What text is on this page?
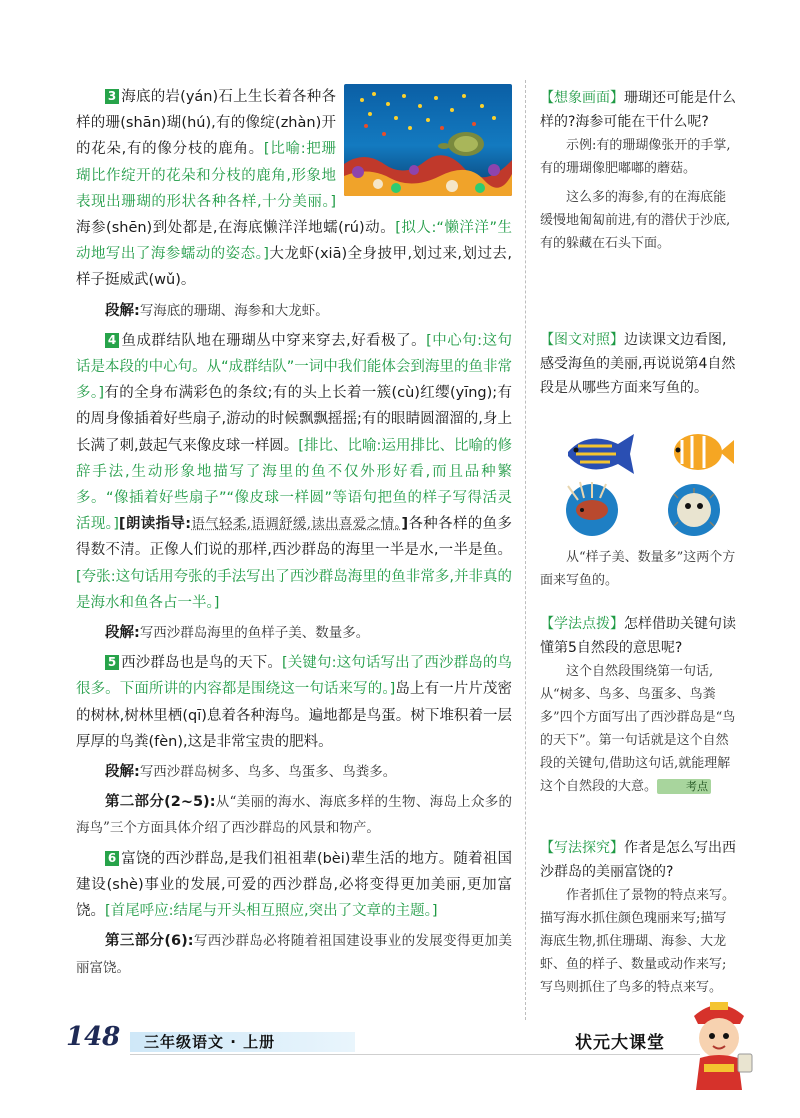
3 海底的岩(yán)石上生长着各种各样的珊(shān)瑚(hú),有的像绽(zhàn)开的花朵,有的像分枝的鹿角。[比喻:把珊瑚比作绽开的花朵和分枝的鹿角,形象地表现出珊瑚的形状各种各样,十分美丽。]海参(shēn)到处都是,在海底懒洋洋地蠕(rú)动。[拟人:“懒洋洋”生动地写出了海参蠕动的姿态。]大龙虾(xiā)全身披甲,划过来,划过去,样子挺威武(wǔ)。

段解:写海底的珊瑚、海参和大龙虾。

4 鱼成群结队地在珊瑚丛中穿来穿去,好看极了。[中心句:这句话是本段的中心句。从“成群结队”一词中我们能体会到海里的鱼非常多。]有的全身布满彩色的条纹;有的头上长着一簇(cù)红缨(yīng);有的周身像插着好些扇子,游动的时候飘飘摇摇;有的眼睛圆溜溜的,身上长满了刺,鼓起气来像皮球一样圆。[排比、比喻:运用排比、比喻的修辞手法,生动形象地描写了海里的鱼不仅外形好看,而且品种繁多。“像插着好些扇子”“像皮球一样圆”等语句把鱼的样子写得活灵活现。][朗读指导:语气轻柔,语调舒缓,读出喜爱之情。]各种各样的鱼多得数不清。正像人们说的那样,西沙群岛的海里一半是水,一半是鱼。[夸张:这句话用夸张的手法写出了西沙群岛海里的鱼非常多,并非真的是海水和鱼各占一半。]

段解:写西沙群岛海里的鱼样子美、数量多。

5 西沙群岛也是鸟的天下。[关键句:这句话写出了西沙群岛的鸟很多。下面所讲的内容都是围绕这一句话来写的。]岛上有一片片茂密的树林,树林里栖(qī)息着各种海鸟。遍地都是鸟蛋。树下堆积着一层厚厚的鸟粪(fèn),这是非常宝贵的肥料。

段解:写西沙群岛树多、鸟多、鸟蛋多、鸟粪多。

第二部分(2~5):从“美丽的海水、海底多样的生物、海岛上众多的海鸟”三个方面具体介绍了西沙群岛的风景和物产。

6 富饶的西沙群岛,是我们祖祖辈(bèi)辈生活的地方。随着祖国建设(shè)事业的发展,可爱的西沙群岛,必将变得更加美丽,更加富饶。[首尾呼应:结尾与开头相互照应,突出了文章的主题。]

第三部分(6):写西沙群岛必将随着祖国建设事业的发展变得更加美丽富饶。

【想象画面】珊瑚还可能是什么样的?海参可能在干什么呢?

示例:有的珊瑚像张开的手掌,有的珊瑚像肥嘟嘟的蘑菇。

这么多的海参,有的在海底能缓慢地匍匐前进,有的潜伏于沙底,有的躲藏在石头下面。

【图文对照】边读课文边看图,感受海鱼的美丽,再说说第4自然段是从哪些方面来写鱼的。

从“样子美、数量多”这两个方面来写鱼的。

【学法点拨】怎样借助关键句读懂第5自然段的意思呢?

这个自然段围绕第一句话,从“树多、鸟多、鸟蛋多、鸟粪多”四个方面写出了西沙群岛是“鸟的天下”。第一句话就是这个自然段的关键句,借助这句话,就能理解这个自然段的大意。	考点

【写法探究】作者是怎么写出西沙群岛的美丽富饶的?

作者抓住了景物的特点来写。描写海水抓住颜色瑰丽来写;描写海底生物,抓住珊瑚、海参、大龙虾、鱼的样子、数量或动作来写;写鸟则抓住了鸟多的特点来写。

148 三年级语文 · 上册	状元大课堂
